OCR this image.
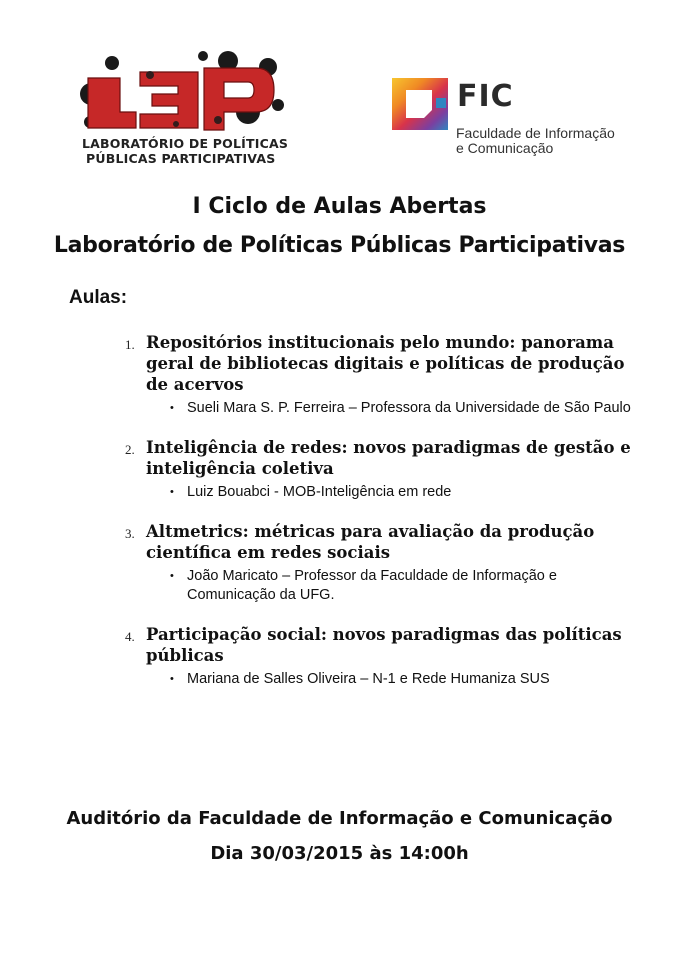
LABORATÓRIO DE POLÍTICAS
PÚBLICAS PARTICIPATIVAS
FIC
Faculdade de Informação
e Comunicação
I Ciclo de Aulas Abertas
Laboratório de Políticas Públicas Participativas
Aulas:
1. Repositórios institucionais pelo mundo: panorama geral de bibliotecas digitais e políticas de produção de acervos
• Sueli Mara S. P. Ferreira – Professora da Universidade de São Paulo
2. Inteligência de redes: novos paradigmas de gestão e inteligência coletiva
• Luiz Bouabci - MOB-Inteligência em rede
3. Altmetrics: métricas para avaliação da produção científica em redes sociais
• João Maricato – Professor da Faculdade de Informação e Comunicação da UFG.
4. Participação social: novos paradigmas das políticas públicas
• Mariana de Salles Oliveira – N-1 e Rede Humaniza SUS
Auditório da Faculdade de Informação e Comunicação
Dia 30/03/2015 às 14:00h
